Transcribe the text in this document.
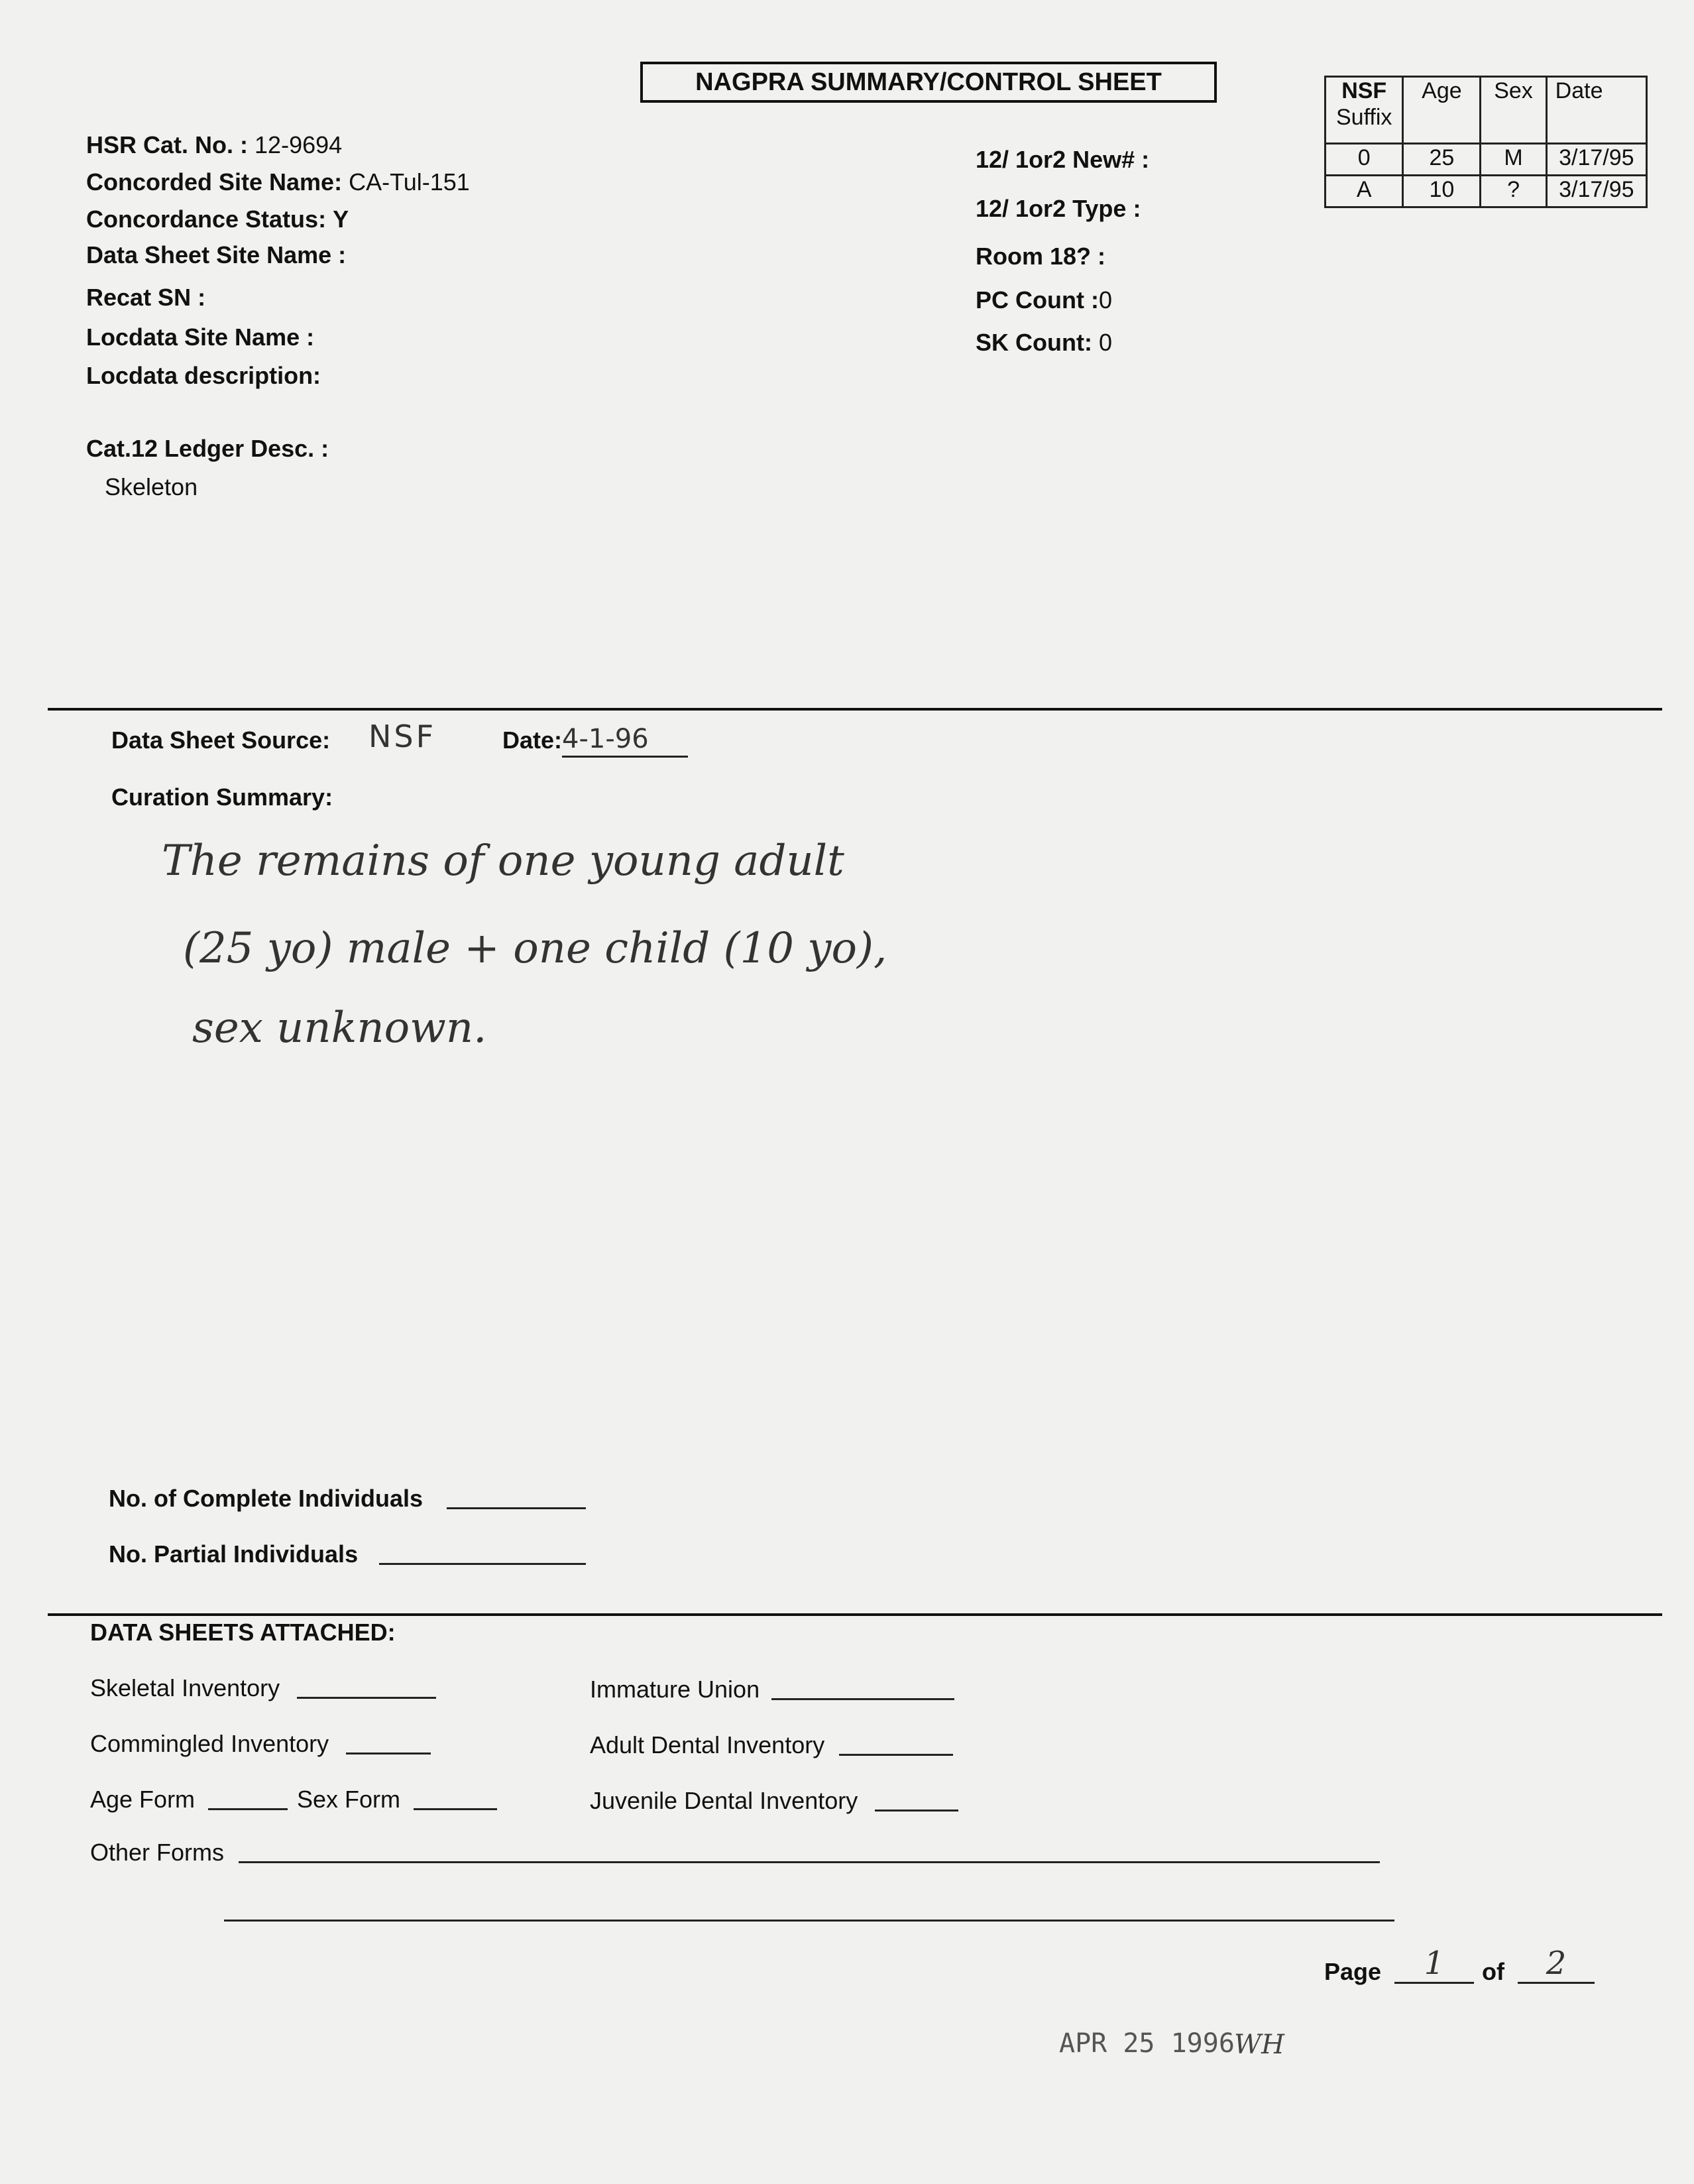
NAGPRA SUMMARY/CONTROL SHEET
HSR Cat. No. : 12-9694
Concorded Site Name: CA-Tul-151
Concordance Status: Y
Data Sheet Site Name :
Recat SN :
Locdata Site Name :
Locdata description:
Cat.12 Ledger Desc. :
Skeleton
12/ 1or2 New# :
12/ 1or2 Type :
Room 18? :
PC Count :0
SK Count: 0
NSF
Suffix	Age	Sex	Date
0	25	M	3/17/95
A	10	?	3/17/95
Data Sheet Source: NSF	Date: 4-1-96
Curation Summary:
The remains of one young adult
(25 yo) male + one child (10 yo),
sex unknown.
No. of Complete Individuals
No. Partial Individuals
DATA SHEETS ATTACHED:
Skeletal Inventory
Commingled Inventory
Age Form	Sex Form
Other Forms
Immature Union
Adult Dental Inventory
Juvenile Dental Inventory
Page	1	of	2
APR 25 1996 WH
